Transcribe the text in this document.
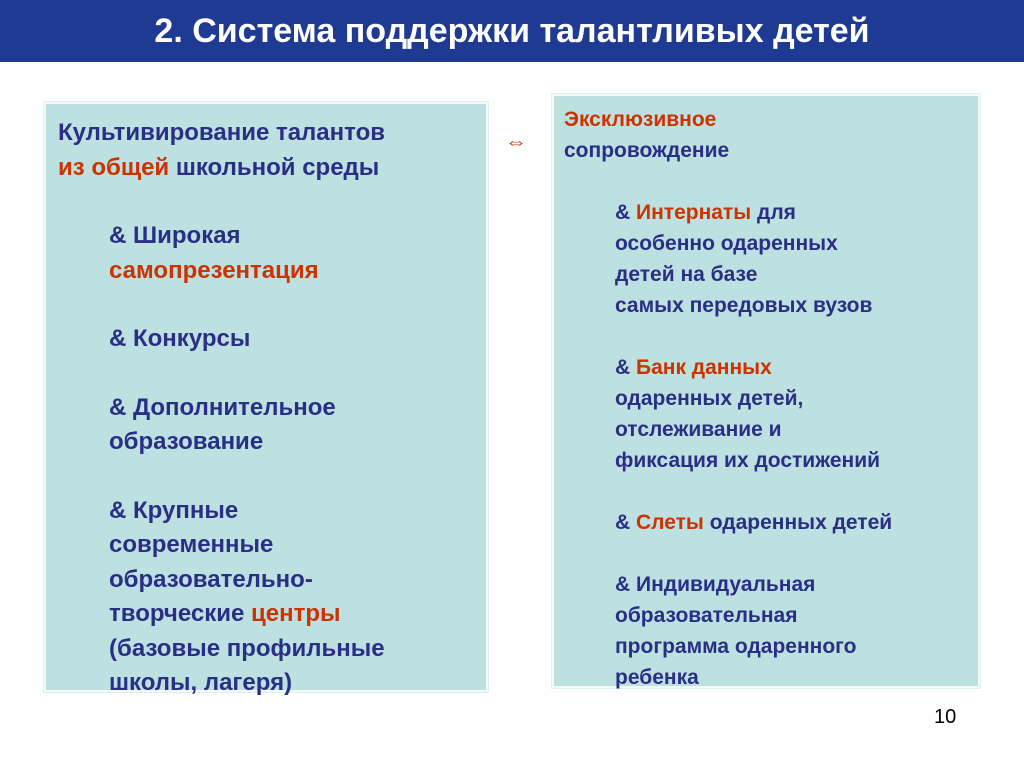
2. Система поддержки талантливых детей
Культивирование талантов
из общей школьной среды
& Широкая
самопрезентация
& Конкурсы
& Дополнительное
образование
& Крупные
современные
образовательно-
творческие центры
(базовые профильные
школы, лагеря)
⇔
Эксклюзивное
сопровождение
& Интернаты для
особенно одаренных
детей на базе
самых передовых вузов
& Банк данных
одаренных детей,
отслеживание и
фиксация их достижений
& Слеты одаренных детей
& Индивидуальная
образовательная
программа одаренного
ребенка
10
